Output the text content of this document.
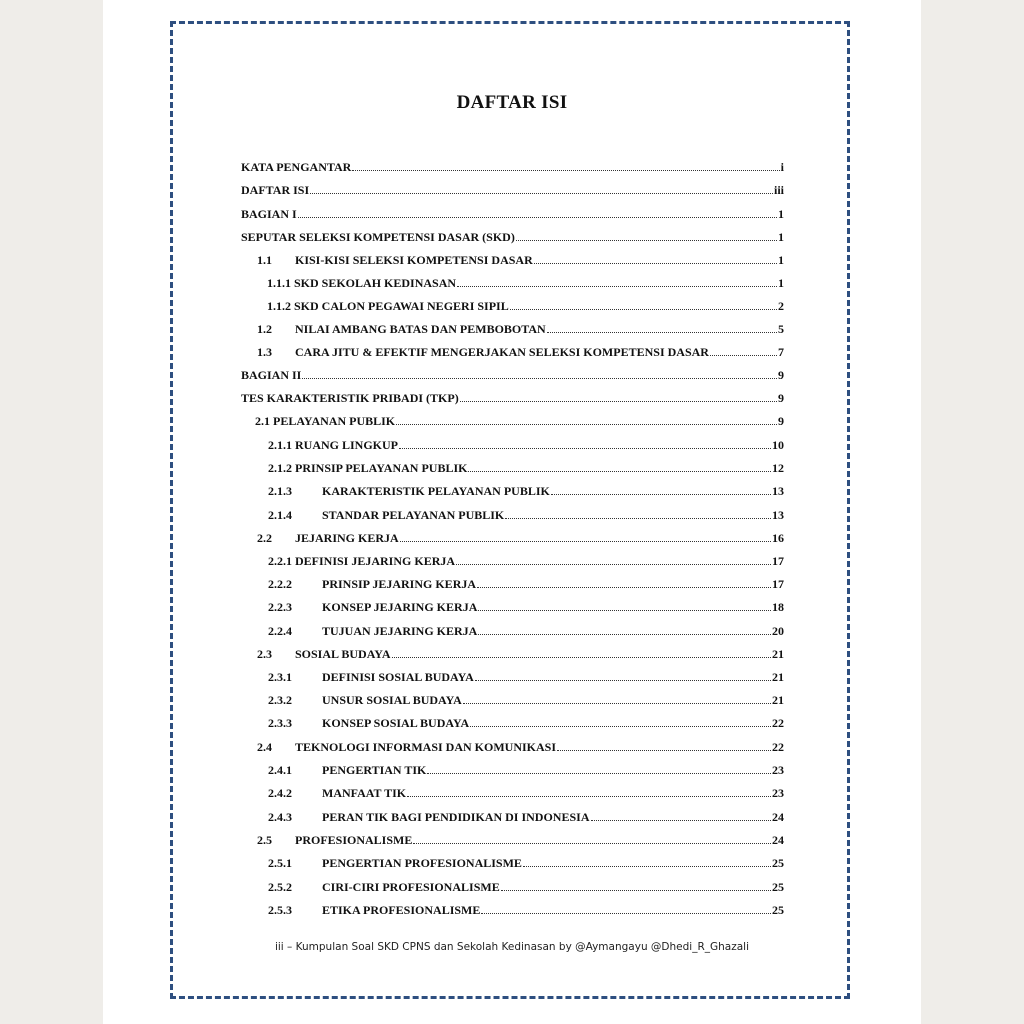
DAFTAR ISI
KATA PENGANTAR	i
DAFTAR ISI	iii
BAGIAN I	1
SEPUTAR SELEKSI KOMPETENSI DASAR (SKD)	1
1.1	KISI-KISI SELEKSI KOMPETENSI DASAR	1
1.1.1 SKD SEKOLAH KEDINASAN	1
1.1.2 SKD CALON PEGAWAI NEGERI SIPIL	2
1.2	NILAI AMBANG BATAS DAN PEMBOBOTAN	5
1.3	CARA JITU & EFEKTIF MENGERJAKAN SELEKSI KOMPETENSI DASAR	7
BAGIAN II	9
TES KARAKTERISTIK PRIBADI (TKP)	9
2.1 PELAYANAN PUBLIK	9
2.1.1 RUANG LINGKUP	10
2.1.2 PRINSIP PELAYANAN PUBLIK	12
2.1.3	KARAKTERISTIK PELAYANAN PUBLIK	13
2.1.4	STANDAR PELAYANAN PUBLIK	13
2.2	JEJARING KERJA	16
2.2.1 DEFINISI JEJARING KERJA	17
2.2.2	PRINSIP JEJARING KERJA	17
2.2.3	KONSEP JEJARING KERJA	18
2.2.4	TUJUAN JEJARING KERJA	20
2.3	SOSIAL BUDAYA	21
2.3.1	DEFINISI SOSIAL BUDAYA	21
2.3.2	UNSUR SOSIAL BUDAYA	21
2.3.3	KONSEP SOSIAL BUDAYA	22
2.4	TEKNOLOGI INFORMASI DAN KOMUNIKASI	22
2.4.1	PENGERTIAN TIK	23
2.4.2	MANFAAT TIK	23
2.4.3	PERAN TIK BAGI PENDIDIKAN DI INDONESIA	24
2.5	PROFESIONALISME	24
2.5.1	PENGERTIAN PROFESIONALISME	25
2.5.2	CIRI-CIRI PROFESIONALISME	25
2.5.3	ETIKA PROFESIONALISME	25
iii – Kumpulan Soal SKD CPNS dan Sekolah Kedinasan by @Aymangayu @Dhedi_R_Ghazali
